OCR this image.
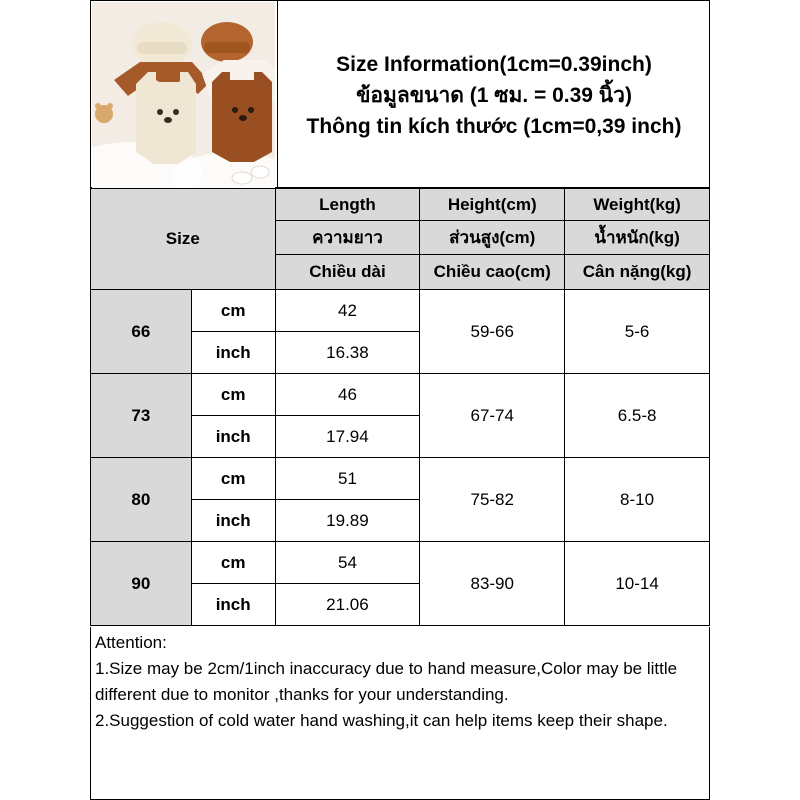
Size Information(1cm=0.39inch)
ข้อมูลขนาด (1 ซม. = 0.39 นิ้ว)
Thông tin kích thước (1cm=0,39 inch)
Size		Length	Height(cm)	Weight(kg)
		ความยาว	ส่วนสูง(cm)	น้ำหนัก(kg)
		Chiều dài	Chiều cao(cm)	Cân nặng(kg)
66	cm	42	59-66	5-6
	inch	16.38		
73	cm	46	67-74	6.5-8
	inch	17.94		
80	cm	51	75-82	8-10
	inch	19.89		
90	cm	54	83-90	10-14
	inch	21.06		
Attention:
1.Size may be 2cm/1inch inaccuracy due to hand measure,Color may be little different due to monitor ,thanks for your understanding.
2.Suggestion of cold water hand washing,it can help items keep their shape.
